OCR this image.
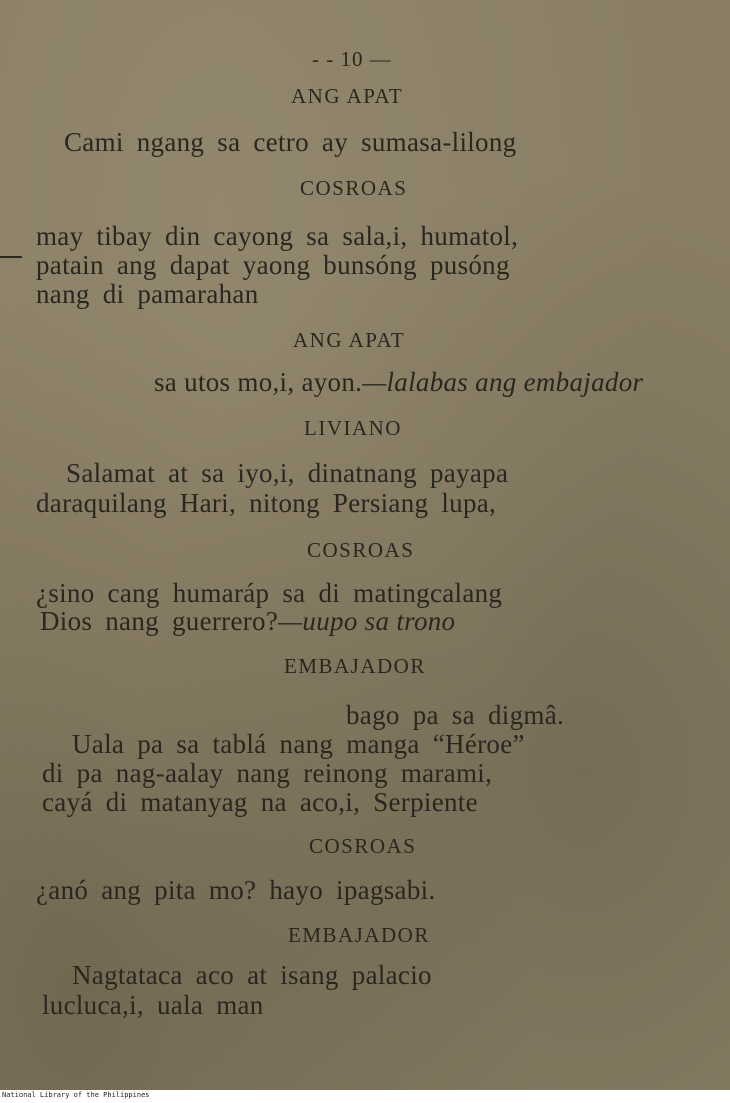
- - 10 —
ANG APAT
Cami ngang sa cetro ay sumasa-lilong
COSROAS
may tibay din cayong sa sala,i, humatol,
patain ang dapat yaong bunsóng pusóng
nang di pamarahan
ANG APAT
sa utos mo,i, ayon.—lalabas ang embajador
LIVIANO
Salamat at sa iyo,i, dinatnang payapa
daraquilang Hari, nitong Persiang lupa,
COSROAS
¿sino cang humaráp sa di matingcalang
Dios nang guerrero?—uupo sa trono
EMBAJADOR
bago pa sa digmâ.
Uala pa sa tablá nang manga “Héroe”
di pa nag-aalay nang reinong marami,
cayá di matanyag na aco,i, Serpiente
COSROAS
¿anó ang pita mo? hayo ipagsabi.
EMBAJADOR
Nagtataca aco at isang palacio
lucluca,i, uala man
National Library of the Philippines
